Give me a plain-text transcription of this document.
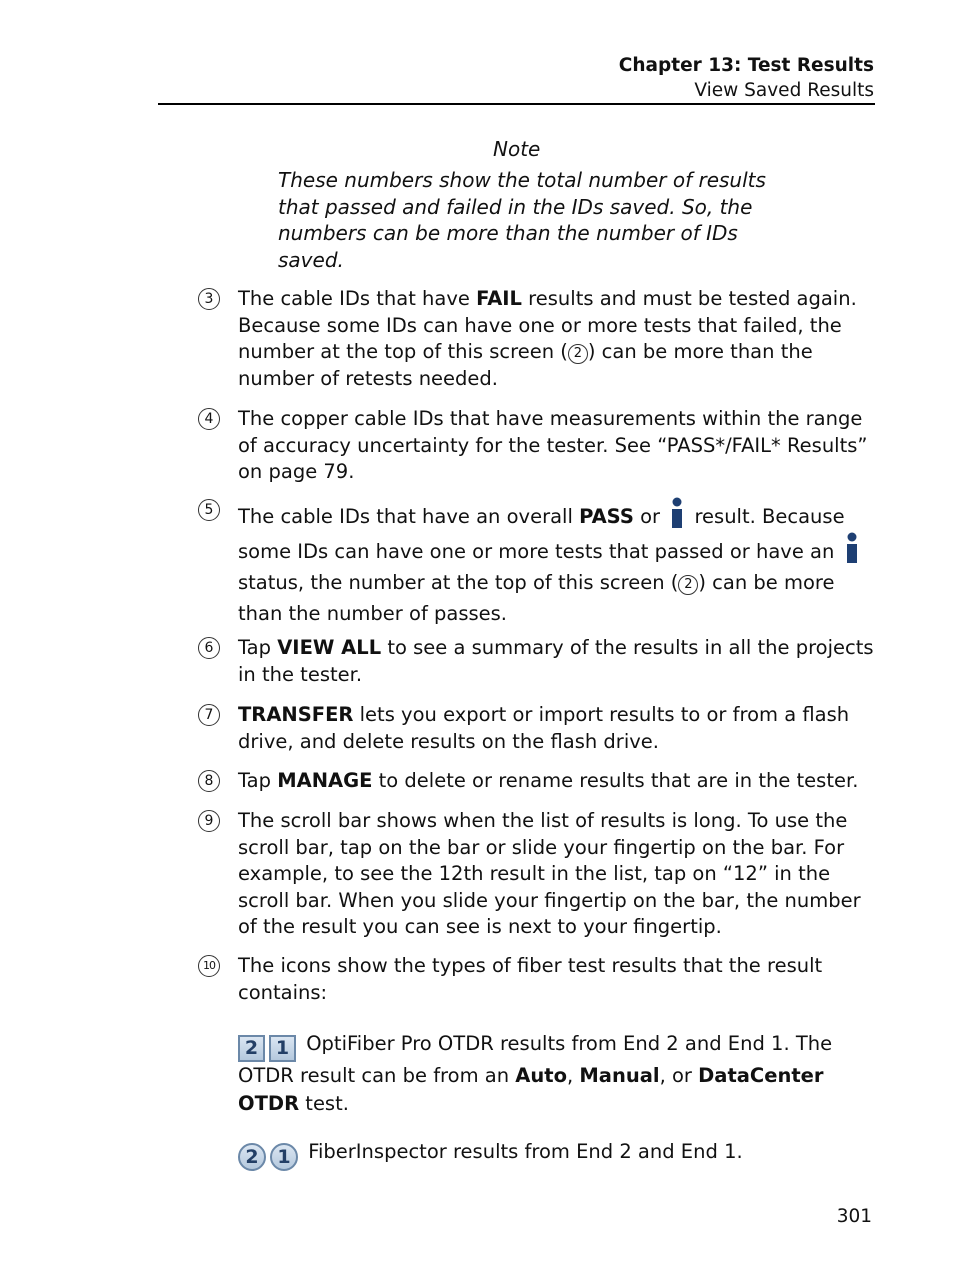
Chapter 13: Test Results
View Saved Results
Note
These numbers show the total number of results that passed and failed in the IDs saved. So, the numbers can be more than the number of IDs saved.
3	The cable IDs that have FAIL results and must be tested again. Because some IDs can have one or more tests that failed, the number at the top of this screen ( 2 ) can be more than the number of retests needed.
4	The copper cable IDs that have measurements within the range of accuracy uncertainty for the tester. See “PASS*/FAIL* Results” on page 79.
5	The cable IDs that have an overall PASS or  result. Because some IDs can have one or more tests that passed or have an  status, the number at the top of this screen ( 2 ) can be more than the number of passes.
6	Tap VIEW ALL to see a summary of the results in all the projects in the tester.
7	TRANSFER lets you export or import results to or from a flash drive, and delete results on the flash drive.
8	Tap MANAGE to delete or rename results that are in the tester.
9	The scroll bar shows when the list of results is long. To use the scroll bar, tap on the bar or slide your fingertip on the bar. For example, to see the 12th result in the list, tap on “12” in the scroll bar. When you slide your fingertip on the bar, the number of the result you can see is next to your fingertip.
10 The icons show the types of fiber test results that the result contains:
2 1 OptiFiber Pro OTDR results from End 2 and End 1. The OTDR result can be from an Auto, Manual, or DataCenter OTDR test.
2 1 FiberInspector results from End 2 and End 1.
301
